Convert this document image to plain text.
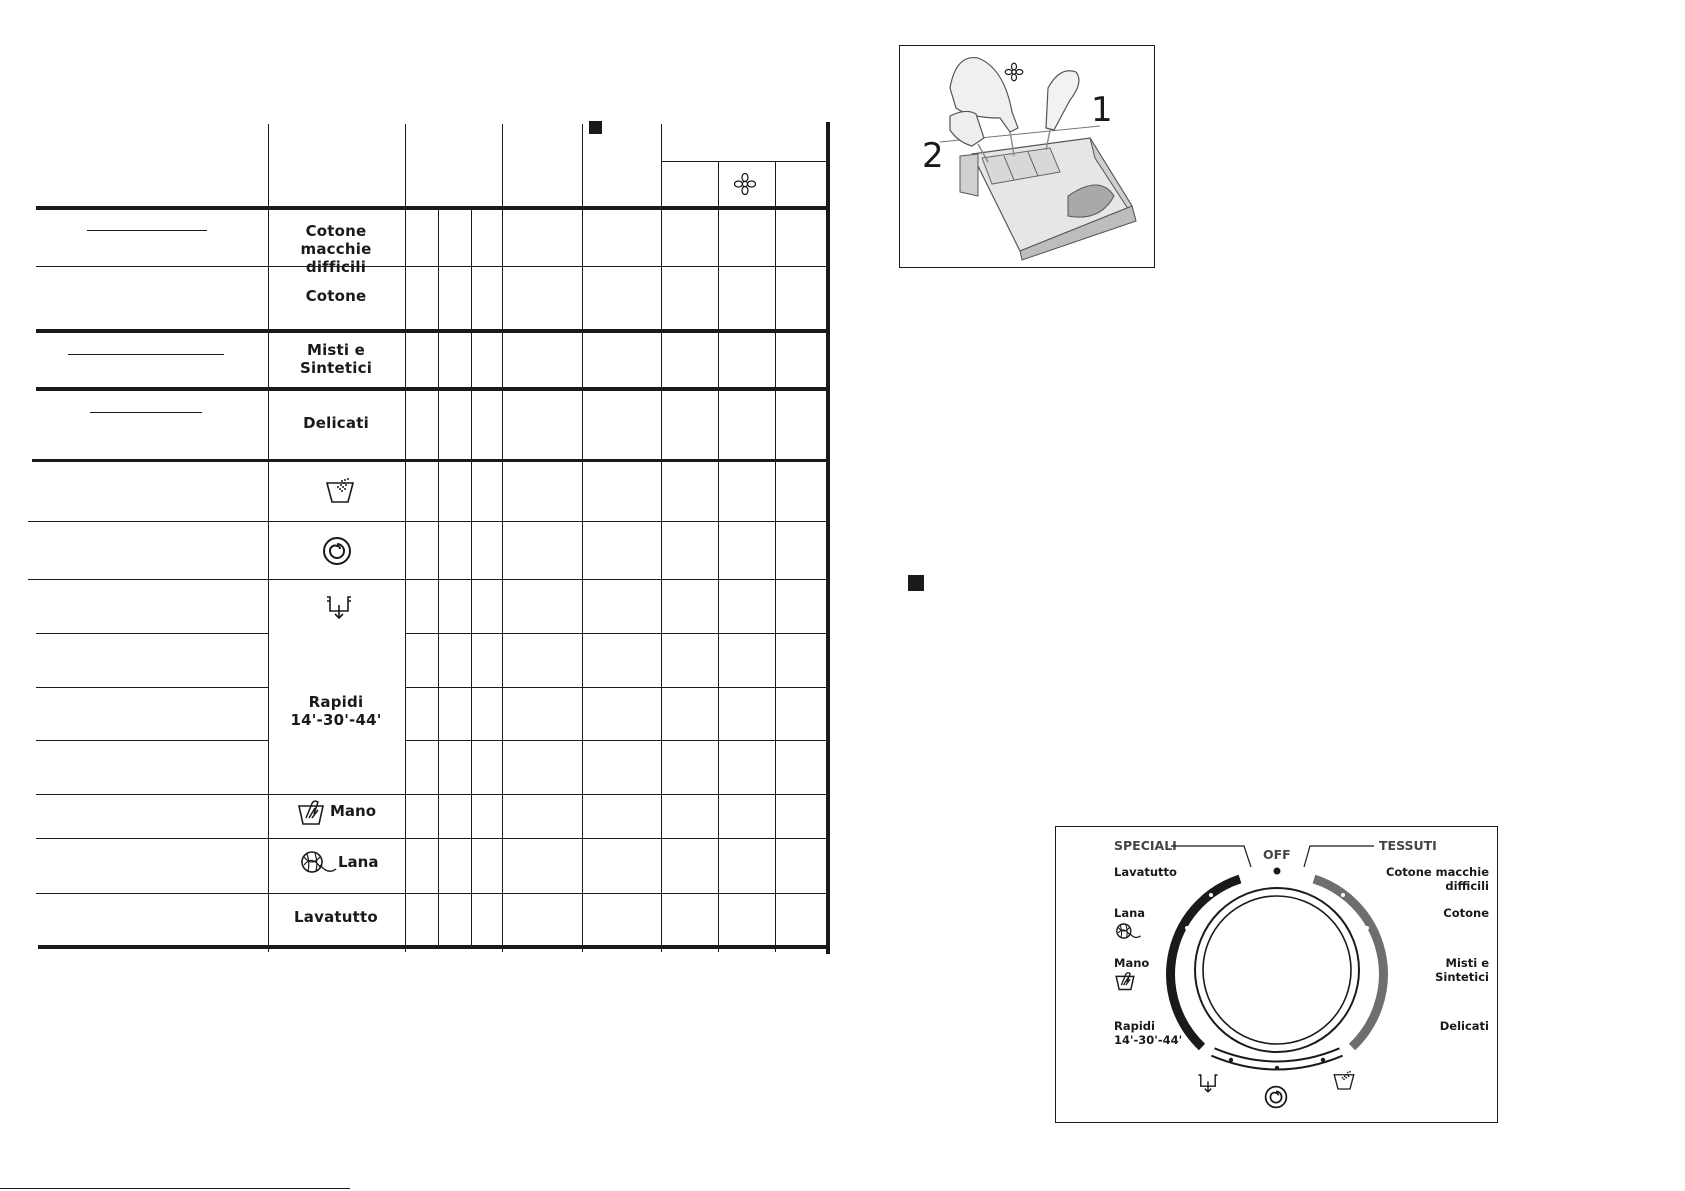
Cotone
macchie difficili
Cotone
Misti e
Sintetici
Delicati
Rapidi
14'-30'-44'
Mano
Lana
Lavatutto
1
2
SPECIALI	TESSUTI
OFF
Lavatutto
Lana
Mano
Rapidi
14'-30'-44'
Cotone macchie
difficili
Cotone
Misti e
Sintetici
Delicati
